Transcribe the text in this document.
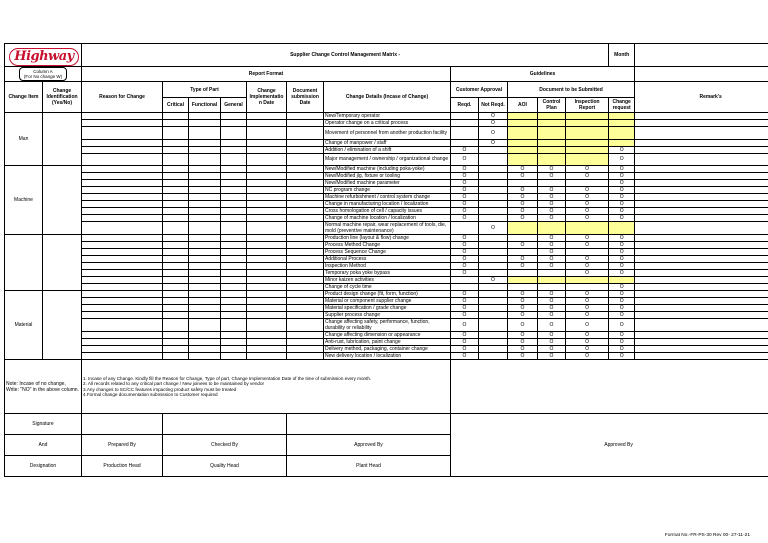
Highway		Supplier Change Control Management Matrix -												Month	
Column A
(For No change W)		Report Format							Guidelines						
Change Item	Change Identification (Yes/No)	Reason for Change	Type of Part			Change Implementatio n Date	Document submission Date	Change Details (Incase of Change)	Customer Approval		Document to be Submitted				Remark's
			Critical	Functional	General				Reqd.	Not Reqd.	AOI	Control Plan	Inspection Report	Change request	
Man								New/Temporary operator		O					
								Operator change on a critical process		O					
								Movement of personnel from another production facility		O					
								Change of manpower / staff		O					
								Addition / elimination of a shift	O					O	
								Major management / ownership / organizational change	O					O	
Machine								New/Modified machine (including poka-yoke)	O		O	O	O	O	
								New/Modified jig, fixture or tooling	O		O	O	O	O	
								New/Modified machine parameter	O					O	
								NC program change	O		O	O	O	O	
								Machine refurbishment / control system change	O		O	O	O	O	
								Change in manufacturing location / localization	O		O	O	O	O	
								Cross homologation of cell / capacity issues	O		O	O	O	O	
								Change of machine location / localization	O		O	O	O	O	
								Normal machine repair, wear replacement of tools, die, mold (preventive maintenance)		O					
								Production line (layout & flow) change	O			O	O	O	
								Process Method Change	O		O	O	O	O	
								Process Sequence Change	O			O		O	
								Additional Process	O		O	O	O	O	
								Inspection Method	O		O	O	O	O	
								Temporary poka yoke bypass	O				O	O	
								Minor kaizen activities		O					
								Change of cycle time						O	
Material								Product design change (fit, form, function)	O		O	O	O	O	
								Material or component supplier change	O		O	O	O	O	
								Material specification / grade change	O		O	O	O	O	
								Supplier process change	O		O	O	O	O	
								Change affecting safety, performance, function, durability or reliability	O		O	O	O	O	
								Change affecting dimension or appearance	O		O	O	O	O	
								Anti-rust, lubrication, paint change	O		O	O	O	O	
								Delivery method, packaging, container change	O		O	O	O	O	
								New delivery location / localization	O		O	O	O	O	
Note: Incase of no change, Write: "NO" in the above column.		1. Incase of any Change. Kindly fill the Reason for Change, Type of part, Change Implementation Date of the time of submission every month.
2. All records related to any critical part change / New joinees to be maintained by vendor
3.Any changes to SC/CC features impacting product safety must be treated
4.Formal change documentation submission to Customer required													

Signature									Approved By						
And		Prepared By	Checked By				Approved By								
Designation		Production Head	Quality Head				Plant Head								
Format No.-FR-PS-30 Rev 00- 27-11-21
